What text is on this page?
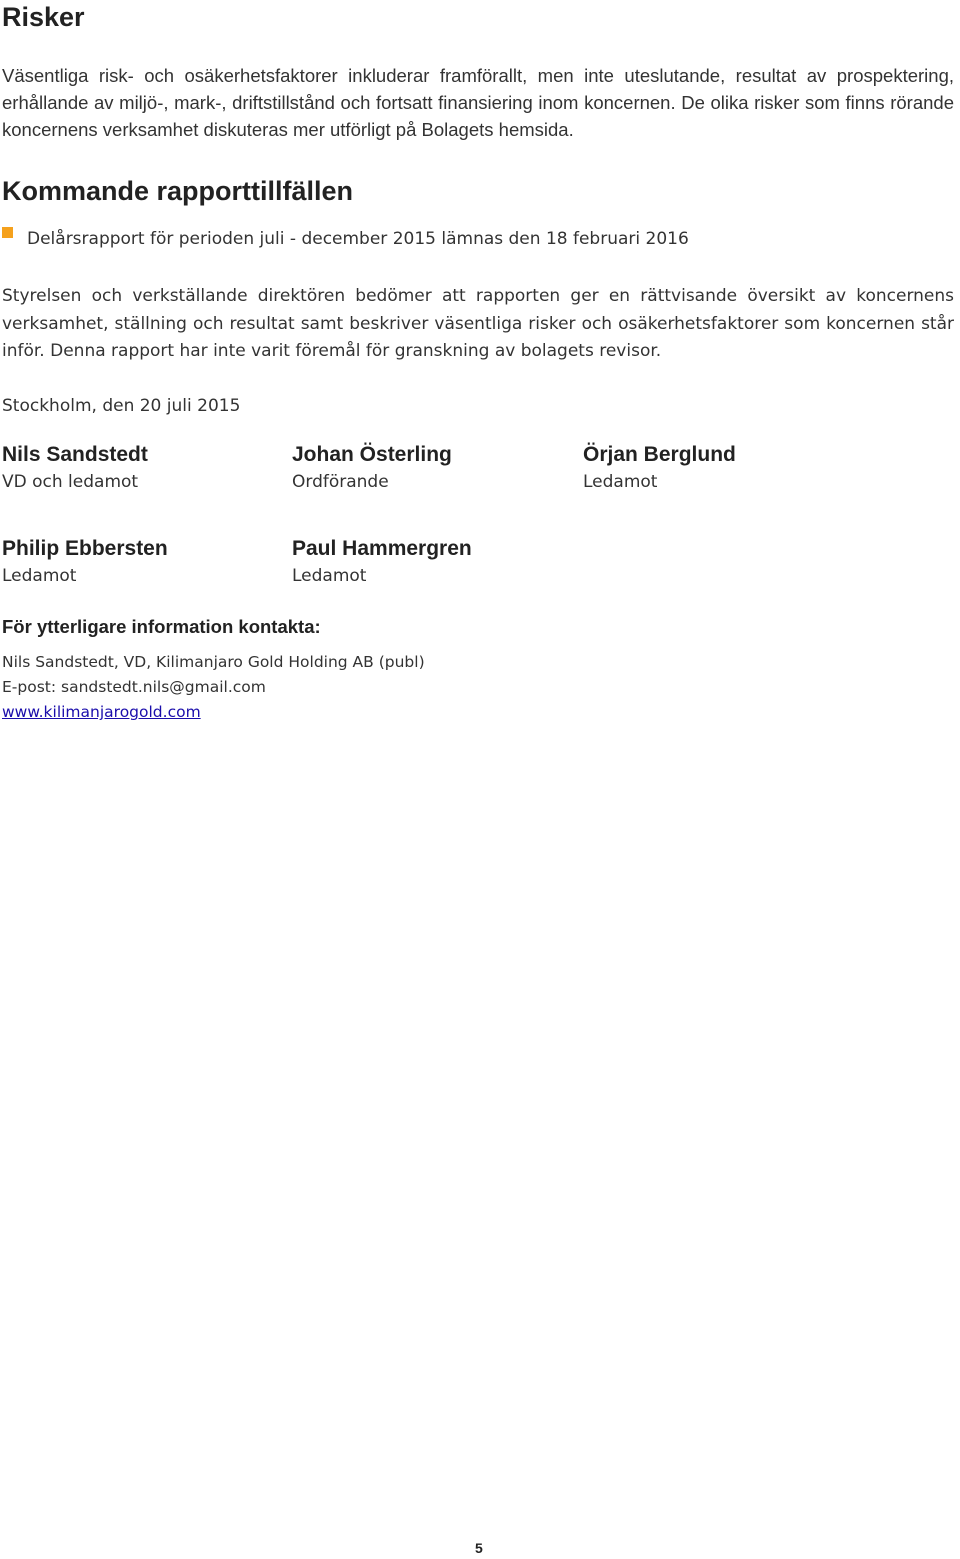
Risker

Väsentliga risk- och osäkerhetsfaktorer inkluderar framförallt, men inte uteslutande, resultat av prospektering, erhållande av miljö-, mark-, driftstillstånd och fortsatt finansiering inom koncernen. De olika risker som finns rörande koncernens verksamhet diskuteras mer utförligt på Bolagets hemsida.

Kommande rapporttillfällen
Delårsrapport för perioden juli - december 2015 lämnas den 18 februari 2016

Styrelsen och verkställande direktören bedömer att rapporten ger en rättvisande översikt av koncernens verksamhet, ställning och resultat samt beskriver väsentliga risker och osäkerhetsfaktorer som koncernen står inför. Denna rapport har inte varit föremål för granskning av bolagets revisor.

Stockholm, den 20 juli 2015
Nils Sandstedt
VD och ledamot
Johan Österling
Ordförande
Örjan Berglund
Ledamot
Philip Ebbersten
Ledamot
Paul Hammergren
Ledamot
För ytterligare information kontakta:
Nils Sandstedt, VD, Kilimanjaro Gold Holding AB (publ)
E-post: sandstedt.nils@gmail.com
www.kilimanjarogold.com
5
